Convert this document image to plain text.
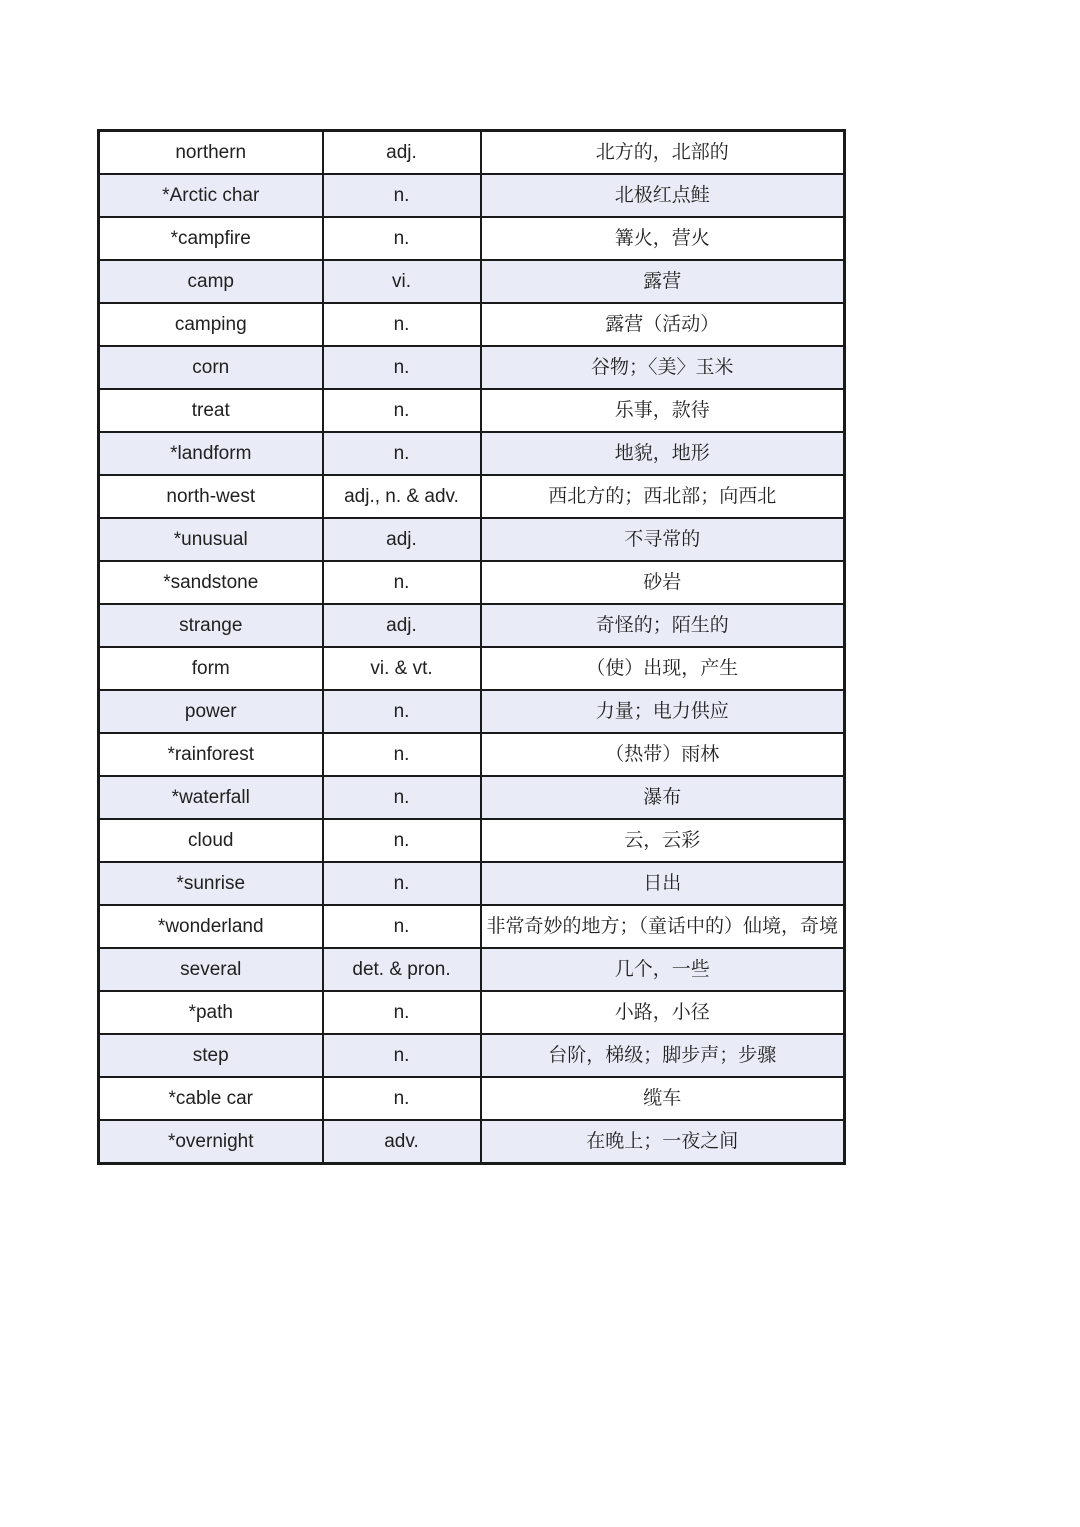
northern	adj.	北方的，北部的

*Arctic char	n.	北极红点鲑

*campfire	n.	篝火，营火

camp	vi.	露营

camping	n.	露营（活动）

corn	n.	谷物；〈美〉玉米

treat	n.	乐事，款待

*landform	n.	地貌，地形

north-west	adj., n. & adv.	西北方的；西北部；向西北

*unusual	adj.	不寻常的

*sandstone	n.	砂岩

strange	adj.	奇怪的；陌生的

form	vi. & vt.	（使）出现，产生

power	n.	力量；电力供应

*rainforest	n.	（热带）雨林

*waterfall	n.	瀑布

cloud	n.	云，云彩

*sunrise	n.	日出

*wonderland	n.	非常奇妙的地方；（童话中的）仙境，奇境

several	det. & pron.	几个，一些

*path	n.	小路，小径

step	n.	台阶，梯级；脚步声；步骤

*cable car	n.	缆车

*overnight	adv.	在晚上；一夜之间
